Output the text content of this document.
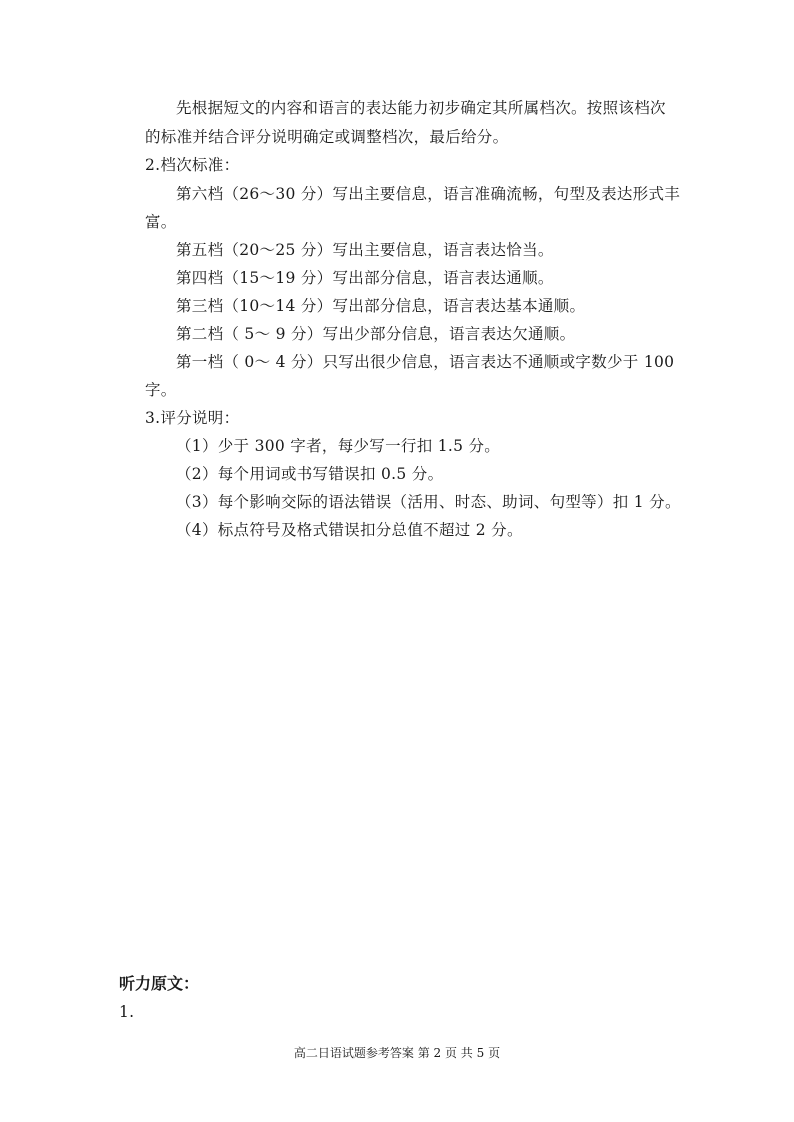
先根据短文的内容和语言的表达能力初步确定其所属档次。按照该档次
的标准并结合评分说明确定或调整档次，最后给分。
2.档次标准：
第六档（26～30 分）写出主要信息，语言准确流畅，句型及表达形式丰
富。
第五档（20～25 分）写出主要信息，语言表达恰当。
第四档（15～19 分）写出部分信息，语言表达通顺。
第三档（10～14 分）写出部分信息，语言表达基本通顺。
第二档（ 5～ 9 分）写出少部分信息，语言表达欠通顺。
第一档（ 0～ 4 分）只写出很少信息，语言表达不通顺或字数少于 100
字。
3.评分说明：
（1）少于 300 字者，每少写一行扣 1.5 分。
（2）每个用词或书写错误扣 0.5 分。
（3）每个影响交际的语法错误（活用、时态、助词、句型等）扣 1 分。
（4）标点符号及格式错误扣分总值不超过 2 分。
听力原文：
1.
高二日语试题参考答案 第 2 页 共 5 页
